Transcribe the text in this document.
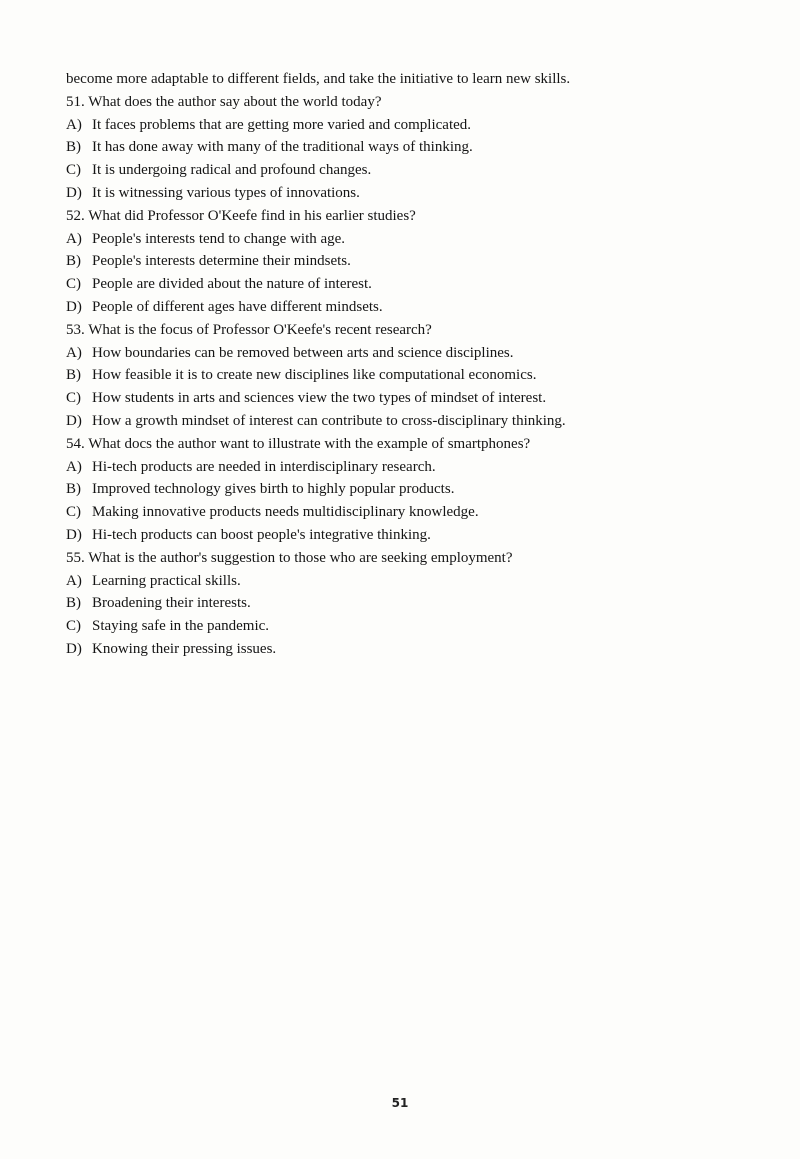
become more adaptable to different fields, and take the initiative to learn new skills.
51. What does the author say about the world today?
A) It faces problems that are getting more varied and complicated.
B) It has done away with many of the traditional ways of thinking.
C) It is undergoing radical and profound changes.
D) It is witnessing various types of innovations.
52. What did Professor O'Keefe find in his earlier studies?
A) People's interests tend to change with age.
B) People's interests determine their mindsets.
C) People are divided about the nature of interest.
D) People of different ages have different mindsets.
53. What is the focus of Professor O'Keefe's recent research?
A) How boundaries can be removed between arts and science disciplines.
B) How feasible it is to create new disciplines like computational economics.
C) How students in arts and sciences view the two types of mindset of interest.
D) How a growth mindset of interest can contribute to cross-disciplinary thinking.
54. What docs the author want to illustrate with the example of smartphones?
A) Hi-tech products are needed in interdisciplinary research.
B) Improved technology gives birth to highly popular products.
C) Making innovative products needs multidisciplinary knowledge.
D) Hi-tech products can boost people's integrative thinking.
55. What is the author's suggestion to those who are seeking employment?
A) Learning practical skills.
B) Broadening their interests.
C) Staying safe in the pandemic.
D) Knowing their pressing issues.
51
